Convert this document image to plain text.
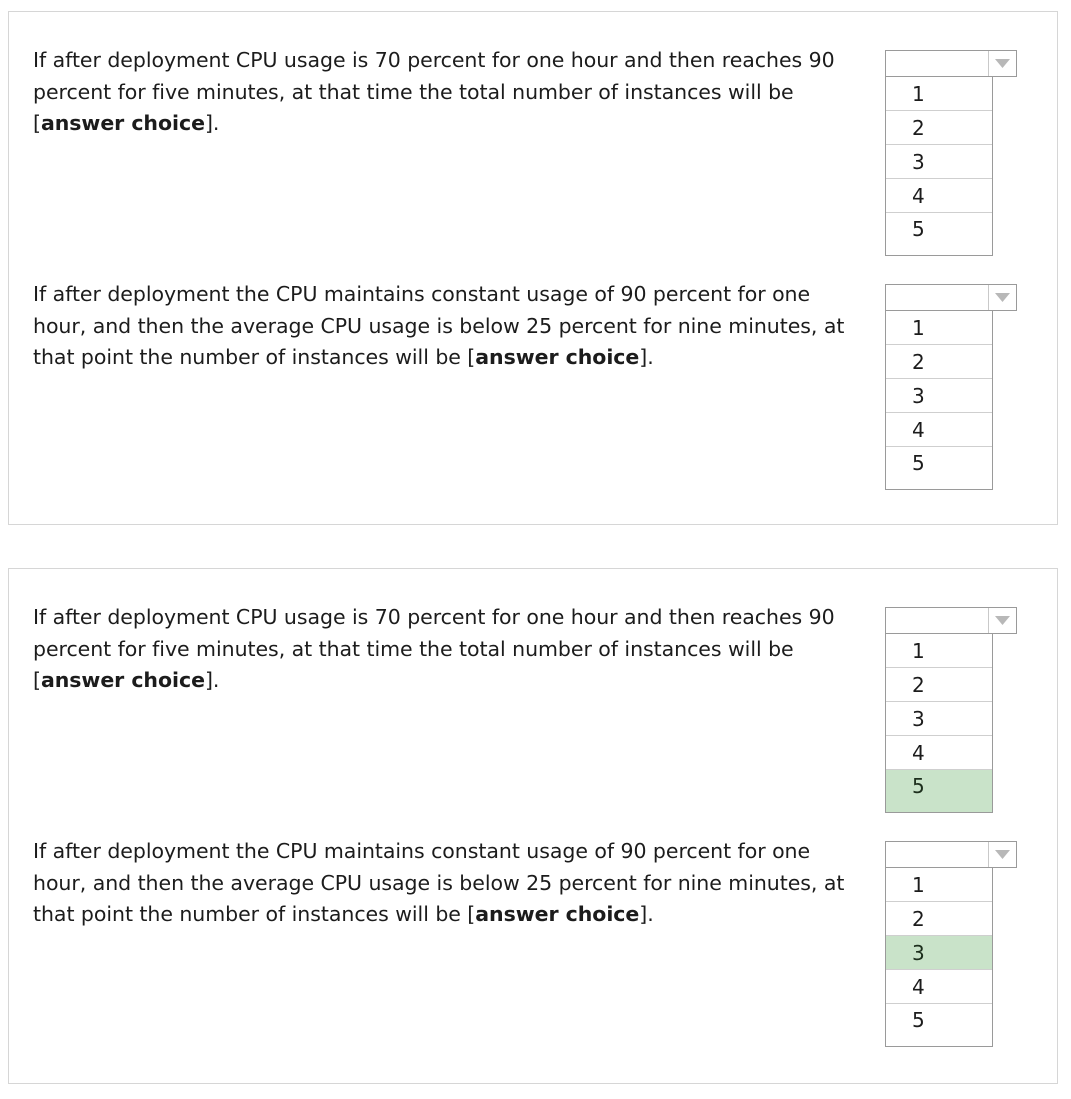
If after deployment CPU usage is 70 percent for one hour and then reaches 90 percent for five minutes, at that time the total number of instances will be [answer choice].
1
2
3
4
5
If after deployment the CPU maintains constant usage of 90 percent for one hour, and then the average CPU usage is below 25 percent for nine minutes, at that point the number of instances will be [answer choice].
1
2
3
4
5
If after deployment CPU usage is 70 percent for one hour and then reaches 90 percent for five minutes, at that time the total number of instances will be [answer choice].
1
2
3
4
5
If after deployment the CPU maintains constant usage of 90 percent for one hour, and then the average CPU usage is below 25 percent for nine minutes, at that point the number of instances will be [answer choice].
1
2
3
4
5
